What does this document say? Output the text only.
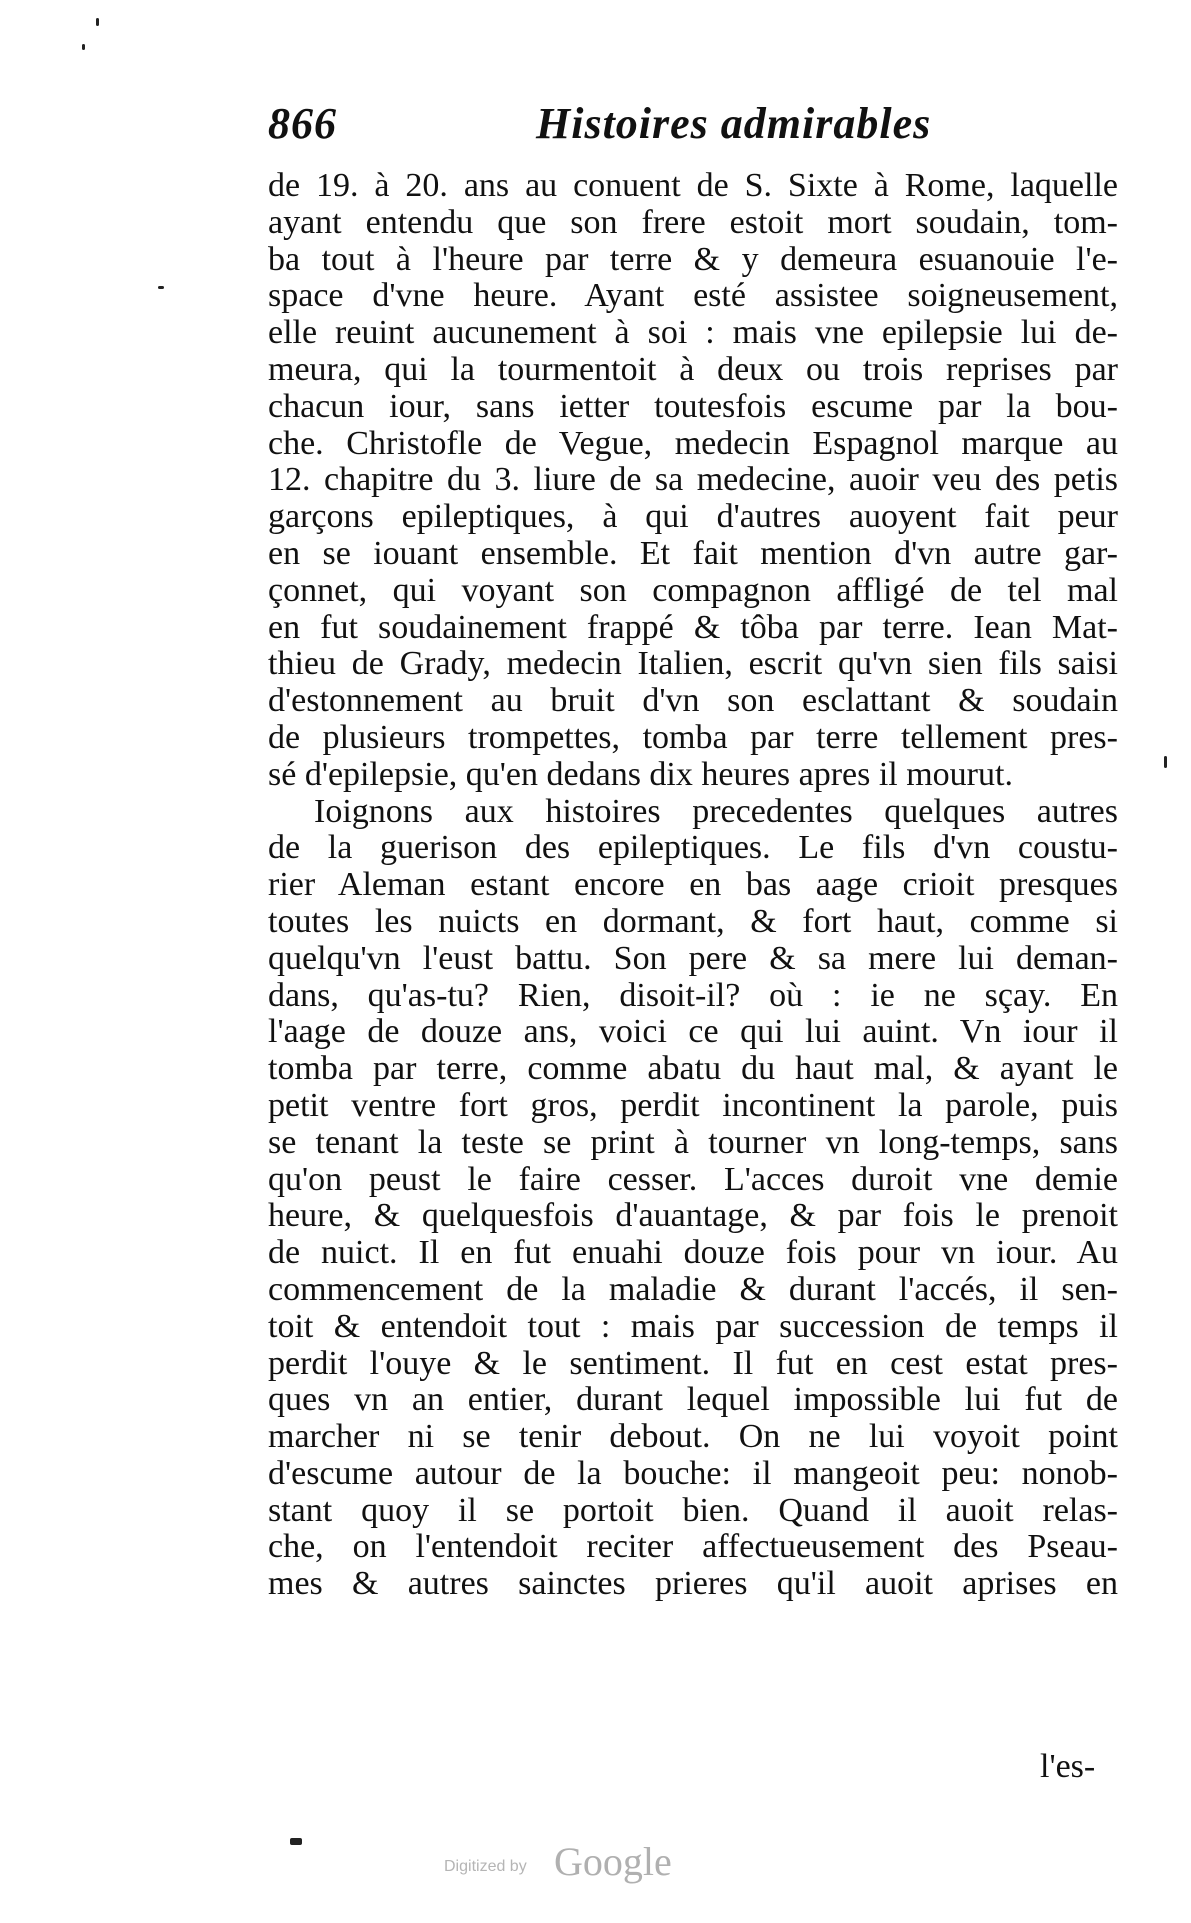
866	Histoires admirables
de 19. à 20. ans au conuent de S. Sixte à Rome, laquelle
ayant entendu que son frere estoit mort soudain, tom-
ba tout à l'heure par terre & y demeura esuanouie l'e-
space d'vne heure. Ayant esté assistee soigneusement,
elle reuint aucunement à soi : mais vne epilepsie lui de-
meura, qui la tourmentoit à deux ou trois reprises par
chacun iour, sans ietter toutesfois escume par la bou-
che. Christofle de Vegue, medecin Espagnol marque au
12. chapitre du 3. liure de sa medecine, auoir veu des petis
garçons epileptiques, à qui d'autres auoyent fait peur
en se iouant ensemble. Et fait mention d'vn autre gar-
çonnet, qui voyant son compagnon affligé de tel mal
en fut soudainement frappé & tôba par terre. Iean Mat-
thieu de Grady, medecin Italien, escrit qu'vn sien fils saisi
d'estonnement au bruit d'vn son esclattant & soudain
de plusieurs trompettes, tomba par terre tellement pres-
sé d'epilepsie, qu'en dedans dix heures apres il mourut.
Ioignons aux histoires precedentes quelques autres
de la guerison des epileptiques. Le fils d'vn coustu-
rier Aleman estant encore en bas aage crioit presques
toutes les nuicts en dormant, & fort haut, comme si
quelqu'vn l'eust battu. Son pere & sa mere lui deman-
dans, qu'as-tu? Rien, disoit-il? où : ie ne sçay. En
l'aage de douze ans, voici ce qui lui auint. Vn iour il
tomba par terre, comme abatu du haut mal, & ayant le
petit ventre fort gros, perdit incontinent la parole, puis
se tenant la teste se print à tourner vn long-temps, sans
qu'on peust le faire cesser. L'acces duroit vne demie
heure, & quelquesfois d'auantage, & par fois le prenoit
de nuict. Il en fut enuahi douze fois pour vn iour. Au
commencement de la maladie & durant l'accés, il sen-
toit & entendoit tout : mais par succession de temps il
perdit l'ouye & le sentiment. Il fut en cest estat pres-
ques vn an entier, durant lequel impossible lui fut de
marcher ni se tenir debout. On ne lui voyoit point
d'escume autour de la bouche: il mangeoit peu: nonob-
stant quoy il se portoit bien. Quand il auoit relas-
che, on l'entendoit reciter affectueusement des Pseau-
mes & autres sainctes prieres qu'il auoit aprises en
l'es-
Digitized by Google
